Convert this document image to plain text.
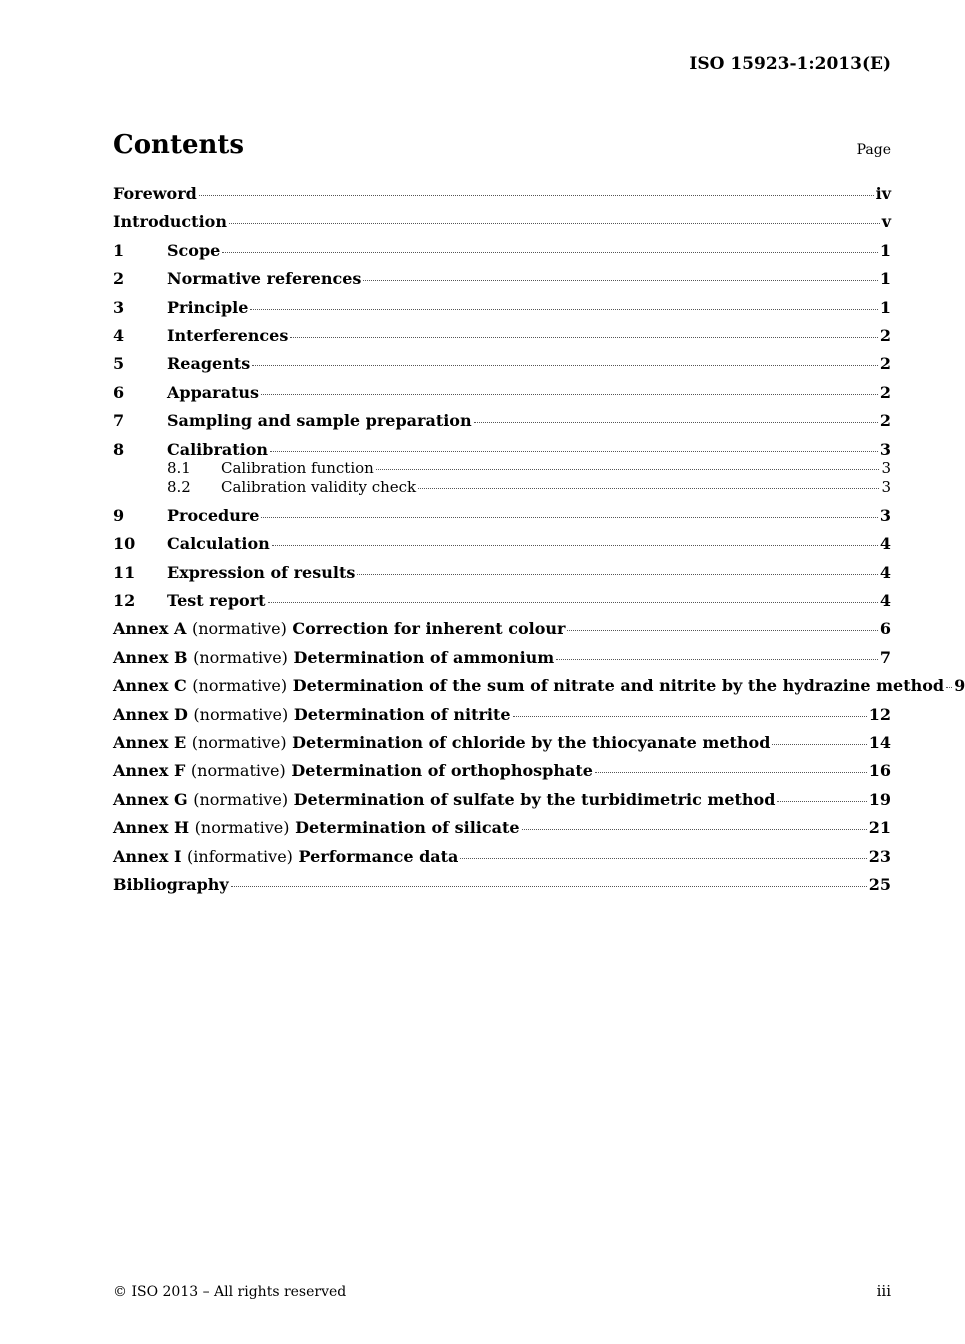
ISO 15923-1:2013(E)
Contents	Page
Foreword	iv
Introduction	v
1	Scope	1
2	Normative references	1
3	Principle	1
4	Interferences	2
5	Reagents	2
6	Apparatus	2
7	Sampling and sample preparation	2
8	Calibration	3
8.1	Calibration function	3
8.2	Calibration validity check	3
9	Procedure	3
10	Calculation	4
11	Expression of results	4
12	Test report	4
Annex A (normative) Correction for inherent colour	6
Annex B (normative) Determination of ammonium	7
Annex C (normative) Determination of the sum of nitrate and nitrite by the hydrazine method 9
Annex D (normative) Determination of nitrite	12
Annex E (normative) Determination of chloride by the thiocyanate method	14
Annex F (normative) Determination of orthophosphate	16
Annex G (normative) Determination of sulfate by the turbidimetric method	19
Annex H (normative) Determination of silicate	21
Annex I (informative) Performance data	23
Bibliography	25
© ISO 2013 – All rights reserved	iii
